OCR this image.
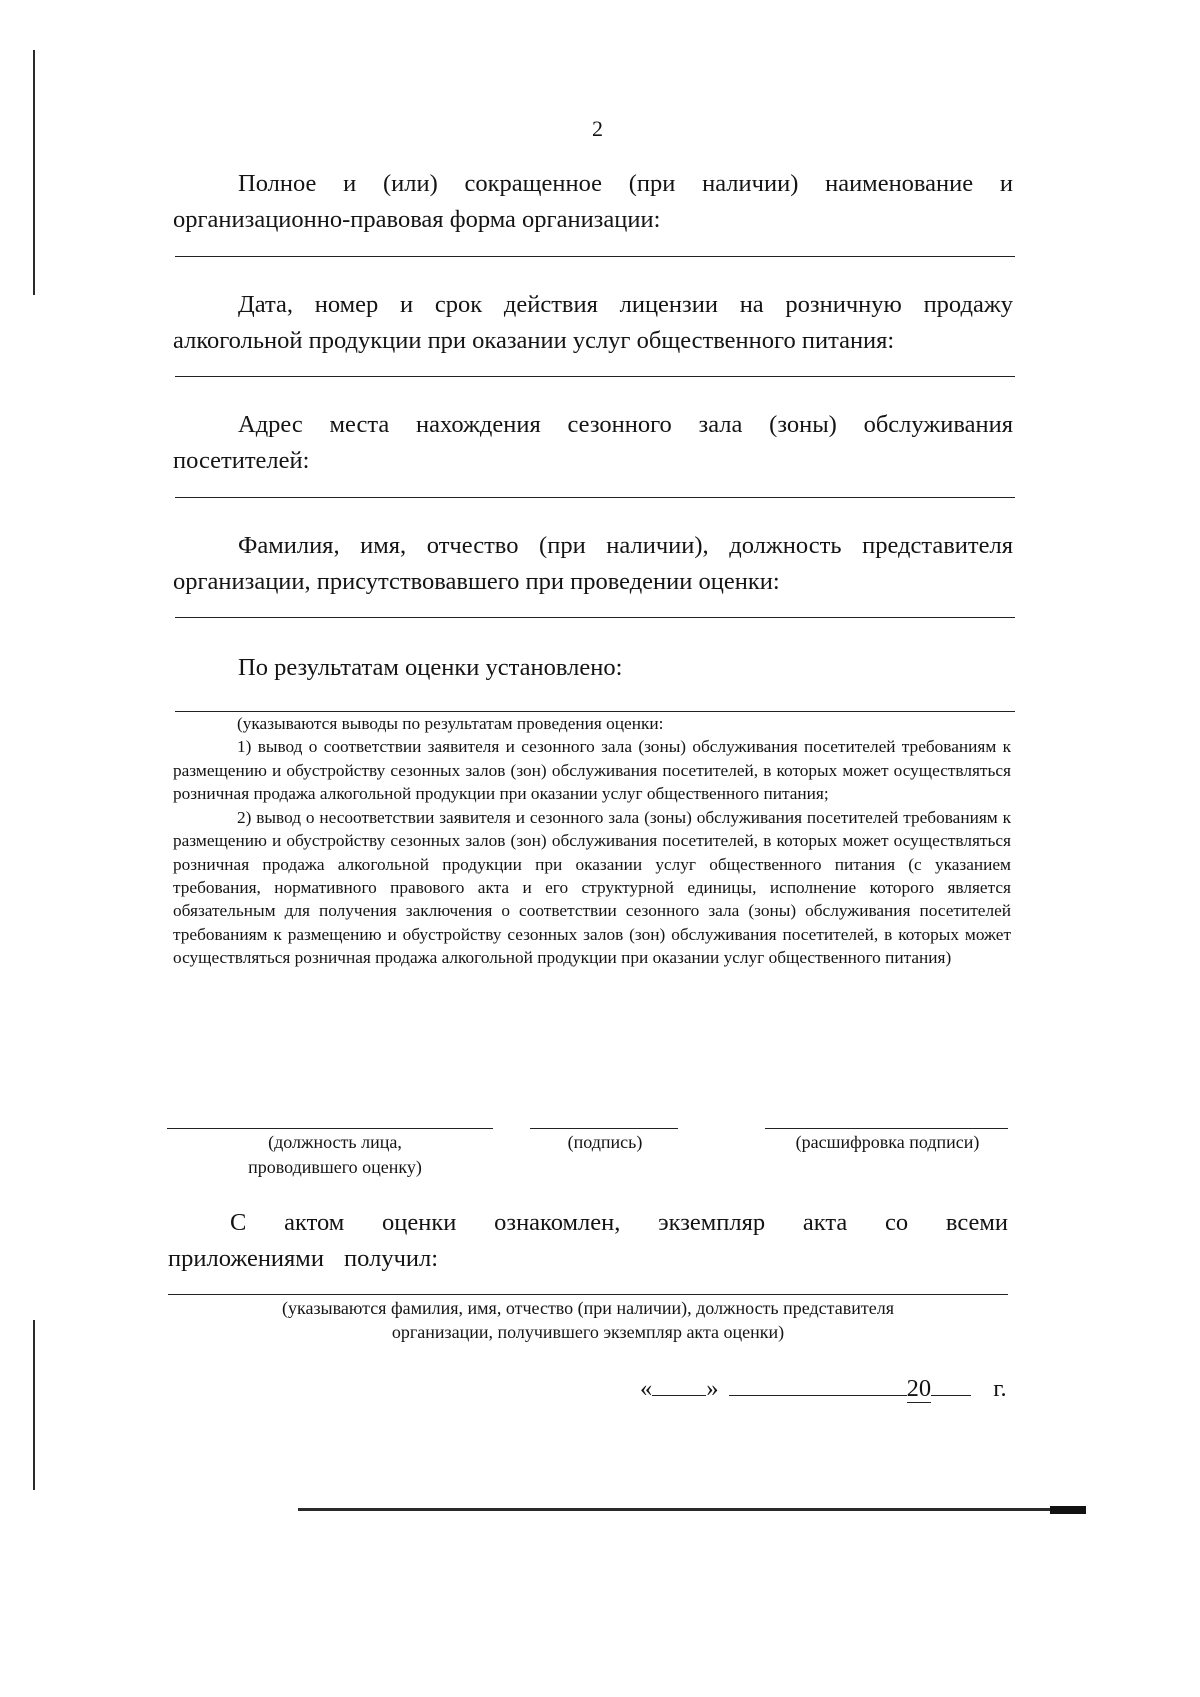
2
Полное и (или) сокращенное (при наличии) наименование и организационно-правовая форма организации:
Дата, номер и срок действия лицензии на розничную продажу алкогольной продукции при оказании услуг общественного питания:
Адрес места нахождения сезонного зала (зоны) обслуживания посетителей:
Фамилия, имя, отчество (при наличии), должность представителя организации, присутствовавшего при проведении оценки:
По результатам оценки установлено:

(указываются выводы по результатам проведения оценки:

1) вывод о соответствии заявителя и сезонного зала (зоны) обслуживания посетителей требованиям к размещению и обустройству сезонных залов (зон) обслуживания посетителей, в которых может осуществляться розничная продажа алкогольной продукции при оказании услуг общественного питания;

2) вывод о несоответствии заявителя и сезонного зала (зоны) обслуживания посетителей требованиям к размещению и обустройству сезонных залов (зон) обслуживания посетителей, в которых может осуществляться розничная продажа алкогольной продукции при оказании услуг общественного питания (с указанием требования, нормативного правового акта и его структурной единицы, исполнение которого является обязательным для получения заключения о соответствии сезонного зала (зоны) обслуживания посетителей требованиям к размещению и обустройству сезонных залов (зон) обслуживания посетителей, в которых может осуществляться розничная продажа алкогольной продукции при оказании услуг общественного питания)

(должность лица,
проводившего оценку)
(подпись)	(расшифровка подписи)
С актом оценки ознакомлен, экземпляр акта со всеми приложениями получил:
(указываются фамилия, имя, отчество (при наличии), должность представителя
организации, получившего экземпляр акта оценки)
« »	20	г.
